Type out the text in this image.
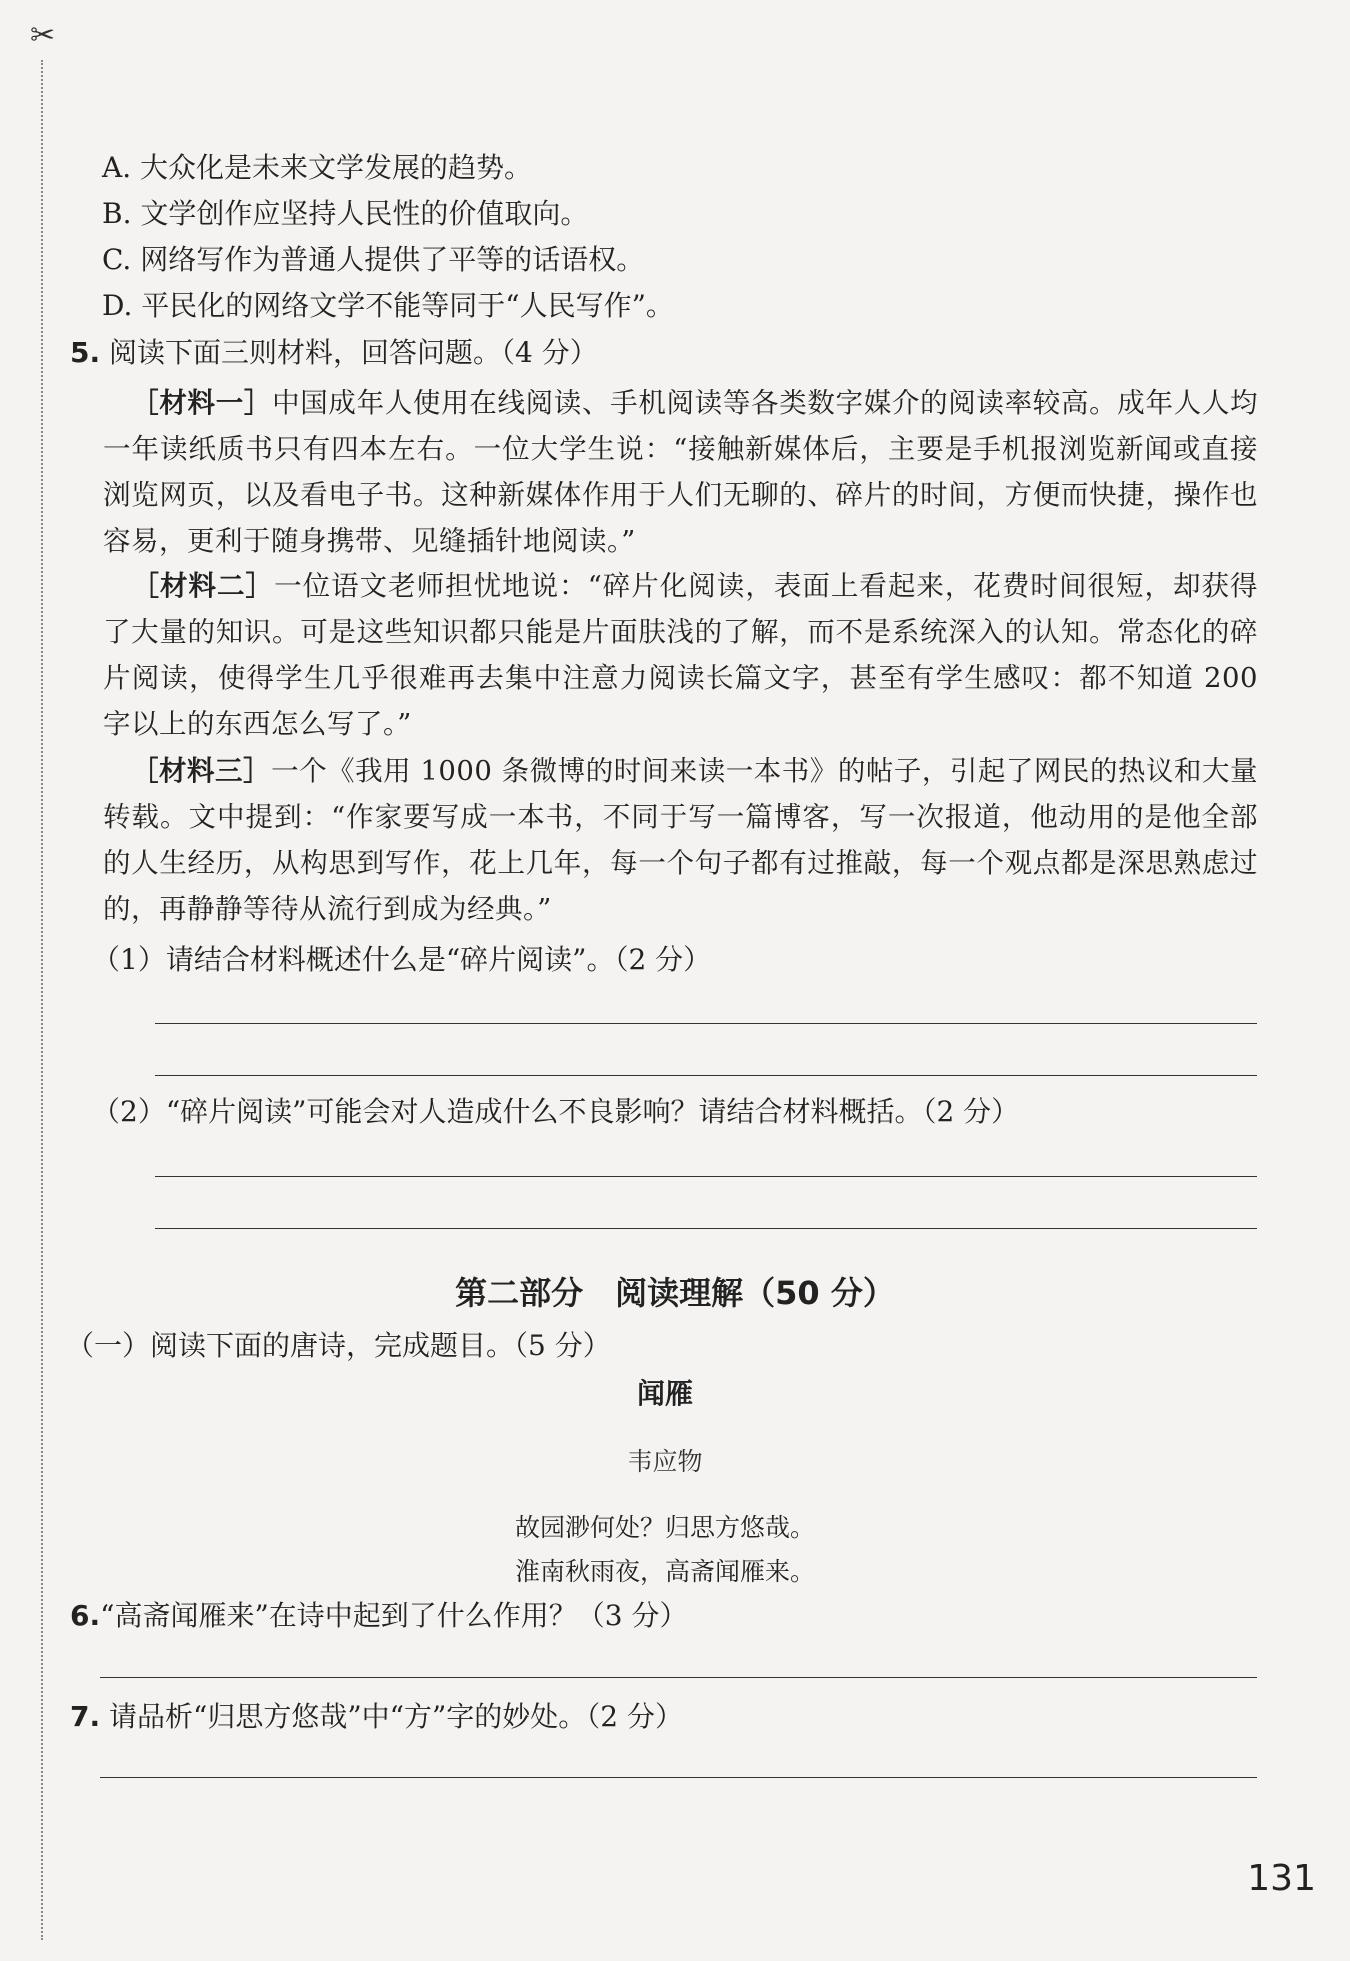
✂
A. 大众化是未来文学发展的趋势。
B. 文学创作应坚持人民性的价值取向。
C. 网络写作为普通人提供了平等的话语权。
D. 平民化的网络文学不能等同于“人民写作”。
5. 阅读下面三则材料，回答问题。（4 分）
 ［材料一］中国成年人使用在线阅读、手机阅读等各类数字媒介的阅读率较高。成年人人均一年读纸质书只有四本左右。一位大学生说：“接触新媒体后，主要是手机报浏览新闻或直接浏览网页，以及看电子书。这种新媒体作用于人们无聊的、碎片的时间，方便而快捷，操作也容易，更利于随身携带、见缝插针地阅读。”
 ［材料二］一位语文老师担忧地说：“碎片化阅读，表面上看起来，花费时间很短，却获得了大量的知识。可是这些知识都只能是片面肤浅的了解，而不是系统深入的认知。常态化的碎片阅读，使得学生几乎很难再去集中注意力阅读长篇文字，甚至有学生感叹：都不知道 200 字以上的东西怎么写了。”
 ［材料三］一个《我用 1000 条微博的时间来读一本书》的帖子，引起了网民的热议和大量转载。文中提到：“作家要写成一本书，不同于写一篇博客，写一次报道，他动用的是他全部的人生经历，从构思到写作，花上几年，每一个句子都有过推敲，每一个观点都是深思熟虑过的，再静静等待从流行到成为经典。”
（1）请结合材料概述什么是“碎片阅读”。（2 分）
（2）“碎片阅读”可能会对人造成什么不良影响？请结合材料概括。（2 分）
第二部分　阅读理解（50 分）
（一）阅读下面的唐诗，完成题目。（5 分）
闻雁
韦应物
故园渺何处？归思方悠哉。
淮南秋雨夜，高斋闻雁来。
6.“高斋闻雁来”在诗中起到了什么作用？（3 分）
7. 请品析“归思方悠哉”中“方”字的妙处。（2 分）
131
